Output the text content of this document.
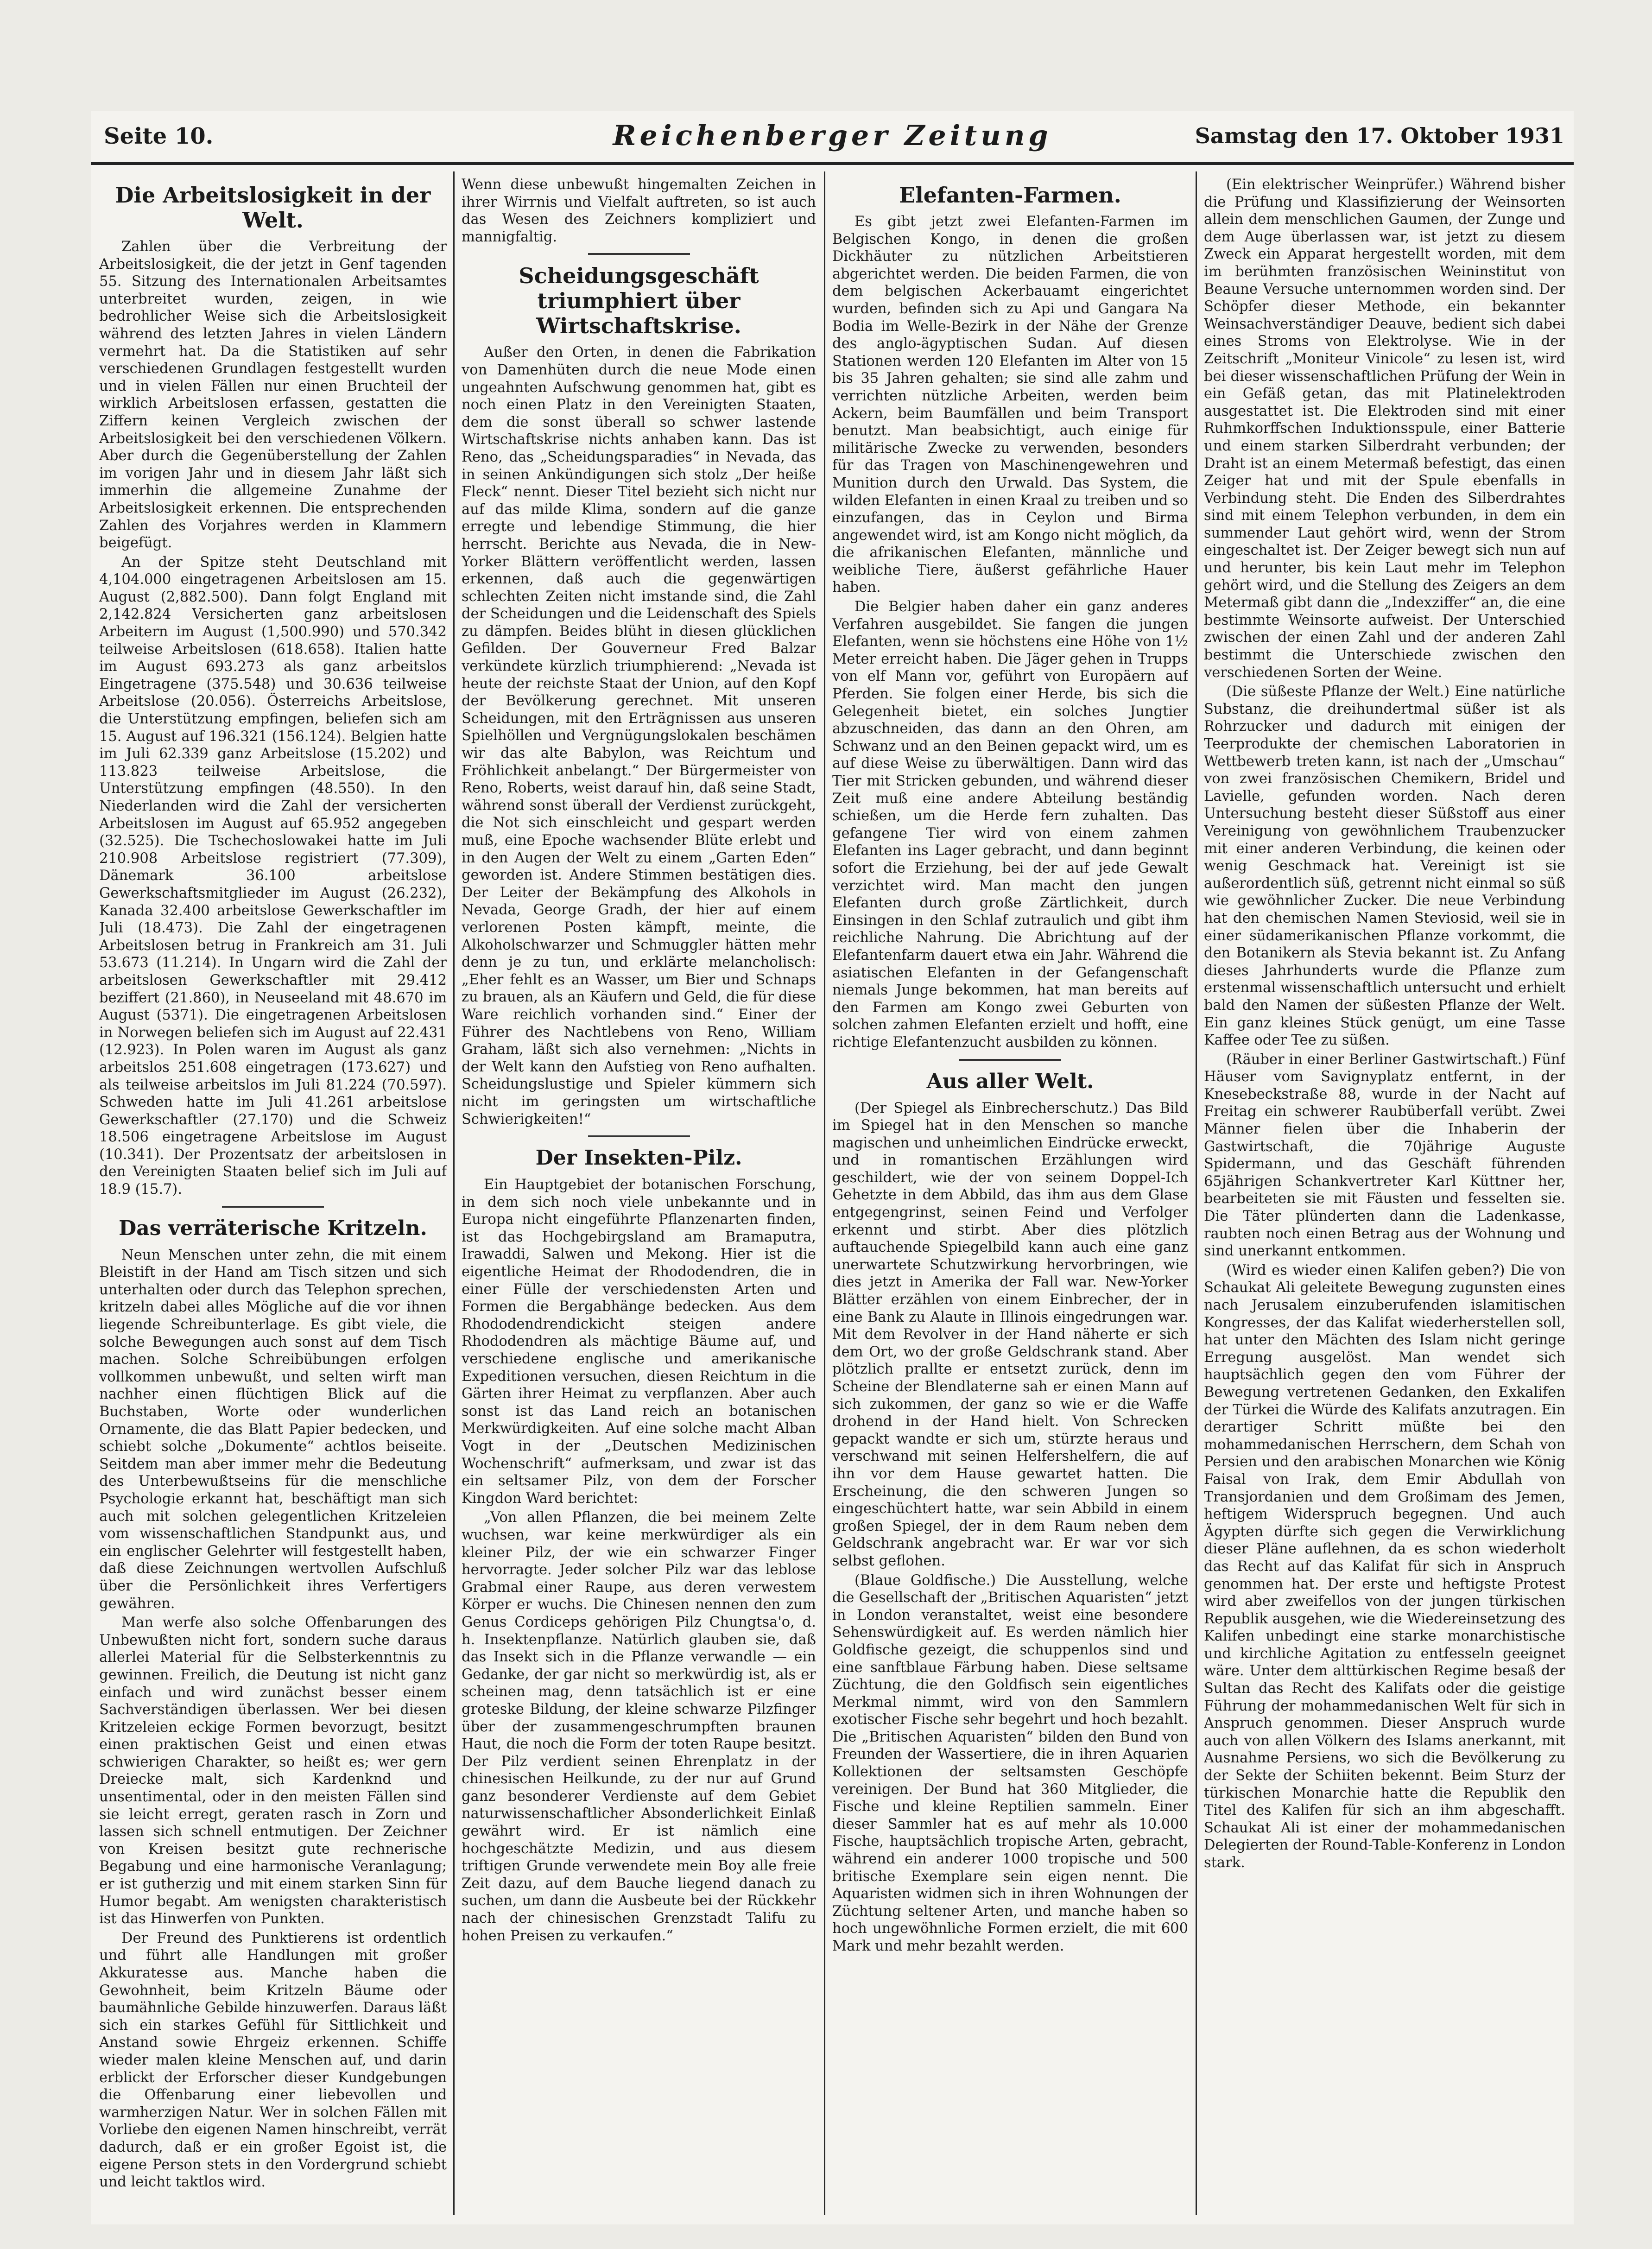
Seite 10.	Reichenberger Zeitung	Samstag den 17. Oktober 1931
Die Arbeitslosigkeit in der Welt.

Zahlen über die Verbreitung der Arbeitslosigkeit, die der jetzt in Genf tagenden 55. Sitzung des Internationalen Arbeitsamtes unterbreitet wurden, zeigen, in wie bedrohlicher Weise sich die Arbeitslosigkeit während des letzten Jahres in vielen Ländern vermehrt hat. Da die Statistiken auf sehr verschiedenen Grundlagen festgestellt wurden und in vielen Fällen nur einen Bruchteil der wirklich Arbeitslosen erfassen, gestatten die Ziffern keinen Vergleich zwischen der Arbeitslosigkeit bei den verschiedenen Völkern. Aber durch die Gegenüberstellung der Zahlen im vorigen Jahr und in diesem Jahr läßt sich immerhin die allgemeine Zunahme der Arbeitslosigkeit erkennen. Die entsprechenden Zahlen des Vorjahres werden in Klammern beigefügt.

An der Spitze steht Deutschland mit 4,104.000 eingetragenen Arbeitslosen am 15. August (2,882.500). Dann folgt England mit 2,142.824 Versicherten ganz arbeitslosen Arbeitern im August (1,500.990) und 570.342 teilweise Arbeitslosen (618.658). Italien hatte im August 693.273 als ganz arbeitslos Eingetragene (375.548) und 30.636 teilweise Arbeitslose (20.056). Österreichs Arbeitslose, die Unterstützung empfingen, beliefen sich am 15. August auf 196.321 (156.124). Belgien hatte im Juli 62.339 ganz Arbeitslose (15.202) und 113.823 teilweise Arbeitslose, die Unterstützung empfingen (48.550). In den Niederlanden wird die Zahl der versicherten Arbeitslosen im August auf 65.952 angegeben (32.525). Die Tschechoslowakei hatte im Juli 210.908 Arbeitslose registriert (77.309), Dänemark 36.100 arbeitslose Gewerkschaftsmitglieder im August (26.232), Kanada 32.400 arbeitslose Gewerkschaftler im Juli (18.473). Die Zahl der eingetragenen Arbeitslosen betrug in Frankreich am 31. Juli 53.673 (11.214). In Ungarn wird die Zahl der arbeitslosen Gewerkschaftler mit 29.412 beziffert (21.860), in Neuseeland mit 48.670 im August (5371). Die eingetragenen Arbeitslosen in Norwegen beliefen sich im August auf 22.431 (12.923). In Polen waren im August als ganz arbeitslos 251.608 eingetragen (173.627) und als teilweise arbeitslos im Juli 81.224 (70.597). Schweden hatte im Juli 41.261 arbeitslose Gewerkschaftler (27.170) und die Schweiz 18.506 eingetragene Arbeitslose im August (10.341). Der Prozentsatz der arbeitslosen in den Vereinigten Staaten belief sich im Juli auf 18.9 (15.7).

Das verräterische Kritzeln.

Neun Menschen unter zehn, die mit einem Bleistift in der Hand am Tisch sitzen und sich unterhalten oder durch das Telephon sprechen, kritzeln dabei alles Mögliche auf die vor ihnen liegende Schreibunterlage. Es gibt viele, die solche Bewegungen auch sonst auf dem Tisch machen. Solche Schreibübungen erfolgen vollkommen unbewußt, und selten wirft man nachher einen flüchtigen Blick auf die Buchstaben, Worte oder wunderlichen Ornamente, die das Blatt Papier bedecken, und schiebt solche „Dokumente“ achtlos beiseite. Seitdem man aber immer mehr die Bedeutung des Unterbewußtseins für die menschliche Psychologie erkannt hat, beschäftigt man sich auch mit solchen gelegentlichen Kritzeleien vom wissenschaftlichen Standpunkt aus, und ein englischer Gelehrter will festgestellt haben, daß diese Zeichnungen wertvollen Aufschluß über die Persönlichkeit ihres Verfertigers gewähren.

Man werfe also solche Offenbarungen des Unbewußten nicht fort, sondern suche daraus allerlei Material für die Selbsterkenntnis zu gewinnen. Freilich, die Deutung ist nicht ganz einfach und wird zunächst besser einem Sachverständigen überlassen. Wer bei diesen Kritzeleien eckige Formen bevorzugt, besitzt einen praktischen Geist und einen etwas schwierigen Charakter, so heißt es; wer gern Dreiecke malt, sich Kardenknd und unsentimental, oder in den meisten Fällen sind sie leicht erregt, geraten rasch in Zorn und lassen sich schnell entmutigen. Der Zeichner von Kreisen besitzt gute rechnerische Begabung und eine harmonische Veranlagung; er ist gutherzig und mit einem starken Sinn für Humor begabt. Am wenigsten charakteristisch ist das Hinwerfen von Punkten.

Der Freund des Punktierens ist ordentlich und führt alle Handlungen mit großer Akkuratesse aus. Manche haben die Gewohnheit, beim Kritzeln Bäume oder baumähnliche Gebilde hinzuwerfen. Daraus läßt sich ein starkes Gefühl für Sittlichkeit und Anstand sowie Ehrgeiz erkennen. Schiffe wieder malen kleine Menschen auf, und darin erblickt der Erforscher dieser Kundgebungen die Offenbarung einer liebevollen und warmherzigen Natur. Wer in solchen Fällen mit Vorliebe den eigenen Namen hinschreibt, verrät dadurch, daß er ein großer Egoist ist, die eigene Person stets in den Vordergrund schiebt und leicht taktlos wird.

Wenn diese unbewußt hingemalten Zeichen in ihrer Wirrnis und Vielfalt auftreten, so ist auch das Wesen des Zeichners kompliziert und mannigfaltig.

Scheidungsgeschäft triumphiert über Wirtschaftskrise.

Außer den Orten, in denen die Fabrikation von Damenhüten durch die neue Mode einen ungeahnten Aufschwung genommen hat, gibt es noch einen Platz in den Vereinigten Staaten, dem die sonst überall so schwer lastende Wirtschaftskrise nichts anhaben kann. Das ist Reno, das „Scheidungsparadies“ in Nevada, das in seinen Ankündigungen sich stolz „Der heiße Fleck“ nennt. Dieser Titel bezieht sich nicht nur auf das milde Klima, sondern auf die ganze erregte und lebendige Stimmung, die hier herrscht. Berichte aus Nevada, die in New-Yorker Blättern veröffentlicht werden, lassen erkennen, daß auch die gegenwärtigen schlechten Zeiten nicht imstande sind, die Zahl der Scheidungen und die Leidenschaft des Spiels zu dämpfen. Beides blüht in diesen glücklichen Gefilden. Der Gouverneur Fred Balzar verkündete kürzlich triumphierend: „Nevada ist heute der reichste Staat der Union, auf den Kopf der Bevölkerung gerechnet. Mit unseren Scheidungen, mit den Erträgnissen aus unseren Spielhöllen und Vergnügungslokalen beschämen wir das alte Babylon, was Reichtum und Fröhlichkeit anbelangt.“ Der Bürgermeister von Reno, Roberts, weist darauf hin, daß seine Stadt, während sonst überall der Verdienst zurückgeht, die Not sich einschleicht und gespart werden muß, eine Epoche wachsender Blüte erlebt und in den Augen der Welt zu einem „Garten Eden“ geworden ist. Andere Stimmen bestätigen dies. Der Leiter der Bekämpfung des Alkohols in Nevada, George Gradh, der hier auf einem verlorenen Posten kämpft, meinte, die Alkoholschwarzer und Schmuggler hätten mehr denn je zu tun, und erklärte melancholisch: „Eher fehlt es an Wasser, um Bier und Schnaps zu brauen, als an Käufern und Geld, die für diese Ware reichlich vorhanden sind.“ Einer der Führer des Nachtlebens von Reno, William Graham, läßt sich also vernehmen: „Nichts in der Welt kann den Aufstieg von Reno aufhalten. Scheidungslustige und Spieler kümmern sich nicht im geringsten um wirtschaftliche Schwierigkeiten!“

Der Insekten-Pilz.

Ein Hauptgebiet der botanischen Forschung, in dem sich noch viele unbekannte und in Europa nicht eingeführte Pflanzenarten finden, ist das Hochgebirgsland am Bramaputra, Irawaddi, Salwen und Mekong. Hier ist die eigentliche Heimat der Rhododendren, die in einer Fülle der verschiedensten Arten und Formen die Bergabhänge bedecken. Aus dem Rhododendrendickicht steigen andere Rhododendren als mächtige Bäume auf, und verschiedene englische und amerikanische Expeditionen versuchen, diesen Reichtum in die Gärten ihrer Heimat zu verpflanzen. Aber auch sonst ist das Land reich an botanischen Merkwürdigkeiten. Auf eine solche macht Alban Vogt in der „Deutschen Medizinischen Wochenschrift“ aufmerksam, und zwar ist das ein seltsamer Pilz, von dem der Forscher Kingdon Ward berichtet:

„Von allen Pflanzen, die bei meinem Zelte wuchsen, war keine merkwürdiger als ein kleiner Pilz, der wie ein schwarzer Finger hervorragte. Jeder solcher Pilz war das leblose Grabmal einer Raupe, aus deren verwestem Körper er wuchs. Die Chinesen nennen den zum Genus Cordiceps gehörigen Pilz Chungtsa'o, d. h. Insektenpflanze. Natürlich glauben sie, daß das Insekt sich in die Pflanze verwandle — ein Gedanke, der gar nicht so merkwürdig ist, als er scheinen mag, denn tatsächlich ist er eine groteske Bildung, der kleine schwarze Pilzfinger über der zusammengeschrumpften braunen Haut, die noch die Form der toten Raupe besitzt. Der Pilz verdient seinen Ehrenplatz in der chinesischen Heilkunde, zu der nur auf Grund ganz besonderer Verdienste auf dem Gebiet naturwissenschaftlicher Absonderlichkeit Einlaß gewährt wird. Er ist nämlich eine hochgeschätzte Medizin, und aus diesem triftigen Grunde verwendete mein Boy alle freie Zeit dazu, auf dem Bauche liegend danach zu suchen, um dann die Ausbeute bei der Rückkehr nach der chinesischen Grenzstadt Talifu zu hohen Preisen zu verkaufen.“

Elefanten-Farmen.

Es gibt jetzt zwei Elefanten-Farmen im Belgischen Kongo, in denen die großen Dickhäuter zu nützlichen Arbeitstieren abgerichtet werden. Die beiden Farmen, die von dem belgischen Ackerbauamt eingerichtet wurden, befinden sich zu Api und Gangara Na Bodia im Welle-Bezirk in der Nähe der Grenze des anglo-ägyptischen Sudan. Auf diesen Stationen werden 120 Elefanten im Alter von 15 bis 35 Jahren gehalten; sie sind alle zahm und verrichten nützliche Arbeiten, werden beim Ackern, beim Baumfällen und beim Transport benutzt. Man beabsichtigt, auch einige für militärische Zwecke zu verwenden, besonders für das Tragen von Maschinengewehren und Munition durch den Urwald. Das System, die wilden Elefanten in einen Kraal zu treiben und so einzufangen, das in Ceylon und Birma angewendet wird, ist am Kongo nicht möglich, da die afrikanischen Elefanten, männliche und weibliche Tiere, äußerst gefährliche Hauer haben.

Die Belgier haben daher ein ganz anderes Verfahren ausgebildet. Sie fangen die jungen Elefanten, wenn sie höchstens eine Höhe von 1½ Meter erreicht haben. Die Jäger gehen in Trupps von elf Mann vor, geführt von Europäern auf Pferden. Sie folgen einer Herde, bis sich die Gelegenheit bietet, ein solches Jungtier abzuschneiden, das dann an den Ohren, am Schwanz und an den Beinen gepackt wird, um es auf diese Weise zu überwältigen. Dann wird das Tier mit Stricken gebunden, und während dieser Zeit muß eine andere Abteilung beständig schießen, um die Herde fern zuhalten. Das gefangene Tier wird von einem zahmen Elefanten ins Lager gebracht, und dann beginnt sofort die Erziehung, bei der auf jede Gewalt verzichtet wird. Man macht den jungen Elefanten durch große Zärtlichkeit, durch Einsingen in den Schlaf zutraulich und gibt ihm reichliche Nahrung. Die Abrichtung auf der Elefantenfarm dauert etwa ein Jahr. Während die asiatischen Elefanten in der Gefangenschaft niemals Junge bekommen, hat man bereits auf den Farmen am Kongo zwei Geburten von solchen zahmen Elefanten erzielt und hofft, eine richtige Elefantenzucht ausbilden zu können.

Aus aller Welt.

(Der Spiegel als Einbrecherschutz.) Das Bild im Spiegel hat in den Menschen so manche magischen und unheimlichen Eindrücke erweckt, und in romantischen Erzählungen wird geschildert, wie der von seinem Doppel-Ich Gehetzte in dem Abbild, das ihm aus dem Glase entgegengrinst, seinen Feind und Verfolger erkennt und stirbt. Aber dies plötzlich auftauchende Spiegelbild kann auch eine ganz unerwartete Schutzwirkung hervorbringen, wie dies jetzt in Amerika der Fall war. New-Yorker Blätter erzählen von einem Einbrecher, der in eine Bank zu Alaute in Illinois eingedrungen war. Mit dem Revolver in der Hand näherte er sich dem Ort, wo der große Geldschrank stand. Aber plötzlich prallte er entsetzt zurück, denn im Scheine der Blendlaterne sah er einen Mann auf sich zukommen, der ganz so wie er die Waffe drohend in der Hand hielt. Von Schrecken gepackt wandte er sich um, stürzte heraus und verschwand mit seinen Helfershelfern, die auf ihn vor dem Hause gewartet hatten. Die Erscheinung, die den schweren Jungen so eingeschüchtert hatte, war sein Abbild in einem großen Spiegel, der in dem Raum neben dem Geldschrank angebracht war. Er war vor sich selbst geflohen.

(Blaue Goldfische.) Die Ausstellung, welche die Gesellschaft der „Britischen Aquaristen“ jetzt in London veranstaltet, weist eine besondere Sehenswürdigkeit auf. Es werden nämlich hier Goldfische gezeigt, die schuppenlos sind und eine sanftblaue Färbung haben. Diese seltsame Züchtung, die den Goldfisch sein eigentliches Merkmal nimmt, wird von den Sammlern exotischer Fische sehr begehrt und hoch bezahlt. Die „Britischen Aquaristen“ bilden den Bund von Freunden der Wassertiere, die in ihren Aquarien Kollektionen der seltsamsten Geschöpfe vereinigen. Der Bund hat 360 Mitglieder, die Fische und kleine Reptilien sammeln. Einer dieser Sammler hat es auf mehr als 10.000 Fische, hauptsächlich tropische Arten, gebracht, während ein anderer 1000 tropische und 500 britische Exemplare sein eigen nennt. Die Aquaristen widmen sich in ihren Wohnungen der Züchtung seltener Arten, und manche haben so hoch ungewöhnliche Formen erzielt, die mit 600 Mark und mehr bezahlt werden.

(Ein elektrischer Weinprüfer.) Während bisher die Prüfung und Klassifizierung der Weinsorten allein dem menschlichen Gaumen, der Zunge und dem Auge überlassen war, ist jetzt zu diesem Zweck ein Apparat hergestellt worden, mit dem im berühmten französischen Weininstitut von Beaune Versuche unternommen worden sind. Der Schöpfer dieser Methode, ein bekannter Weinsachverständiger Deauve, bedient sich dabei eines Stroms von Elektrolyse. Wie in der Zeitschrift „Moniteur Vinicole“ zu lesen ist, wird bei dieser wissenschaftlichen Prüfung der Wein in ein Gefäß getan, das mit Platinelektroden ausgestattet ist. Die Elektroden sind mit einer Ruhmkorffschen Induktionsspule, einer Batterie und einem starken Silberdraht verbunden; der Draht ist an einem Metermaß befestigt, das einen Zeiger hat und mit der Spule ebenfalls in Verbindung steht. Die Enden des Silberdrahtes sind mit einem Telephon verbunden, in dem ein summender Laut gehört wird, wenn der Strom eingeschaltet ist. Der Zeiger bewegt sich nun auf und herunter, bis kein Laut mehr im Telephon gehört wird, und die Stellung des Zeigers an dem Metermaß gibt dann die „Indexziffer“ an, die eine bestimmte Weinsorte aufweist. Der Unterschied zwischen der einen Zahl und der anderen Zahl bestimmt die Unterschiede zwischen den verschiedenen Sorten der Weine.

(Die süßeste Pflanze der Welt.) Eine natürliche Substanz, die dreihundertmal süßer ist als Rohrzucker und dadurch mit einigen der Teerprodukte der chemischen Laboratorien in Wettbewerb treten kann, ist nach der „Umschau“ von zwei französischen Chemikern, Bridel und Lavielle, gefunden worden. Nach deren Untersuchung besteht dieser Süßstoff aus einer Vereinigung von gewöhnlichem Traubenzucker mit einer anderen Verbindung, die keinen oder wenig Geschmack hat. Vereinigt ist sie außerordentlich süß, getrennt nicht einmal so süß wie gewöhnlicher Zucker. Die neue Verbindung hat den chemischen Namen Steviosid, weil sie in einer südamerikanischen Pflanze vorkommt, die den Botanikern als Stevia bekannt ist. Zu Anfang dieses Jahrhunderts wurde die Pflanze zum erstenmal wissenschaftlich untersucht und erhielt bald den Namen der süßesten Pflanze der Welt. Ein ganz kleines Stück genügt, um eine Tasse Kaffee oder Tee zu süßen.

(Räuber in einer Berliner Gastwirtschaft.) Fünf Häuser vom Savignyplatz entfernt, in der Knesebeckstraße 88, wurde in der Nacht auf Freitag ein schwerer Raubüberfall verübt. Zwei Männer fielen über die Inhaberin der Gastwirtschaft, die 70jährige Auguste Spidermann, und das Geschäft führenden 65jährigen Schankvertreter Karl Küttner her, bearbeiteten sie mit Fäusten und fesselten sie. Die Täter plünderten dann die Ladenkasse, raubten noch einen Betrag aus der Wohnung und sind unerkannt entkommen.

(Wird es wieder einen Kalifen geben?) Die von Schaukat Ali geleitete Bewegung zugunsten eines nach Jerusalem einzuberufenden islamitischen Kongresses, der das Kalifat wiederherstellen soll, hat unter den Mächten des Islam nicht geringe Erregung ausgelöst. Man wendet sich hauptsächlich gegen den vom Führer der Bewegung vertretenen Gedanken, den Exkalifen der Türkei die Würde des Kalifats anzutragen. Ein derartiger Schritt müßte bei den mohammedanischen Herrschern, dem Schah von Persien und den arabischen Monarchen wie König Faisal von Irak, dem Emir Abdullah von Transjordanien und dem Großimam des Jemen, heftigem Widerspruch begegnen. Und auch Ägypten dürfte sich gegen die Verwirklichung dieser Pläne auflehnen, da es schon wiederholt das Recht auf das Kalifat für sich in Anspruch genommen hat. Der erste und heftigste Protest wird aber zweifellos von der jungen türkischen Republik ausgehen, wie die Wiedereinsetzung des Kalifen unbedingt eine starke monarchistische und kirchliche Agitation zu entfesseln geeignet wäre. Unter dem alttürkischen Regime besaß der Sultan das Recht des Kalifats oder die geistige Führung der mohammedanischen Welt für sich in Anspruch genommen. Dieser Anspruch wurde auch von allen Völkern des Islams anerkannt, mit Ausnahme Persiens, wo sich die Bevölkerung zu der Sekte der Schiiten bekennt. Beim Sturz der türkischen Monarchie hatte die Republik den Titel des Kalifen für sich an ihm abgeschafft. Schaukat Ali ist einer der mohammedanischen Delegierten der Round-Table-Konferenz in London stark.
